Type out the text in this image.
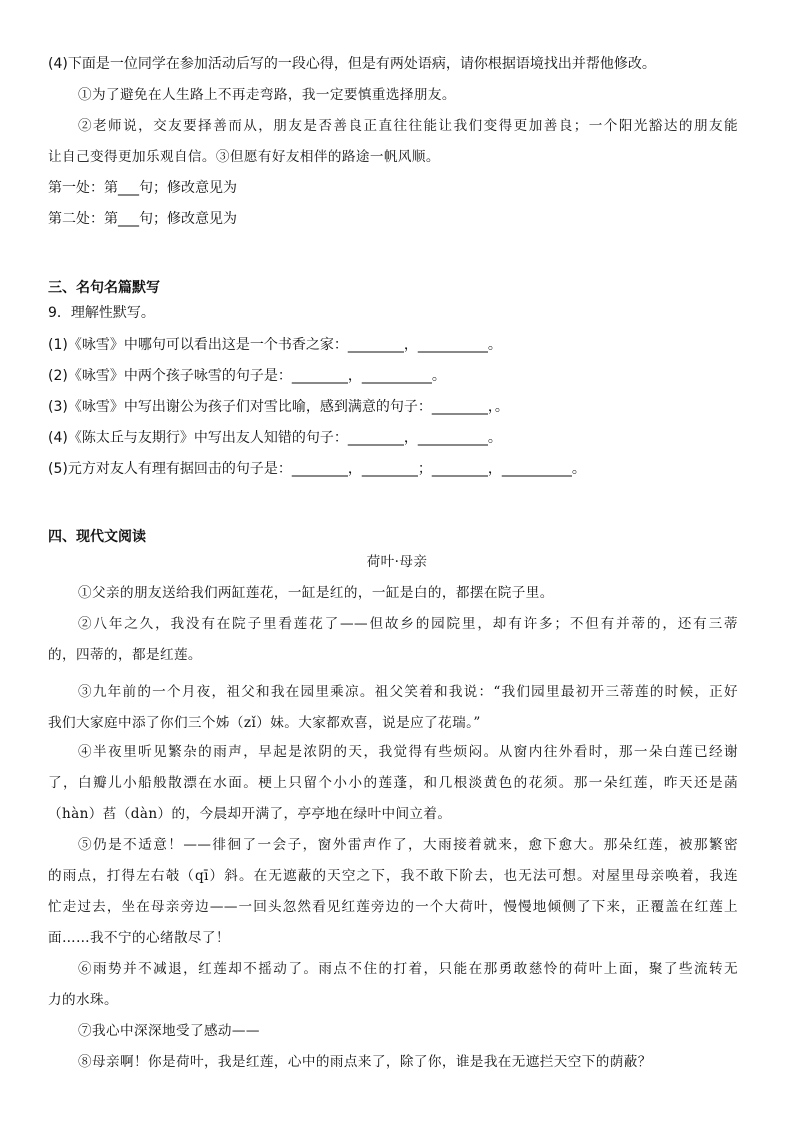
(4)下面是一位同学在参加活动后写的一段心得，但是有两处语病，请你根据语境找出并帮他修改。
①为了避免在人生路上不再走弯路，我一定要慎重选择朋友。
②老师说，交友要择善而从，朋友是否善良正直往往能让我们变得更加善良；一个阳光豁达的朋友能
让自己变得更加乐观自信。③但愿有好友相伴的路途一帆风顺。
第一处：第___句；修改意见为
第二处：第___句；修改意见为
三、名句名篇默写
9．理解性默写。
(1)《咏雪》中哪句可以看出这是一个书香之家：________，__________。
(2)《咏雪》中两个孩子咏雪的句子是：________，__________。
(3)《咏雪》中写出谢公为孩子们对雪比喻，感到满意的句子：________，。
(4)《陈太丘与友期行》中写出友人知错的句子：________，__________。
(5)元方对友人有理有据回击的句子是：________，________；________，__________。
四、现代文阅读
荷叶·母亲
①父亲的朋友送给我们两缸莲花，一缸是红的，一缸是白的，都摆在院子里。
②八年之久，我没有在院子里看莲花了——但故乡的园院里，却有许多；不但有并蒂的，还有三蒂
的，四蒂的，都是红莲。
③九年前的一个月夜，祖父和我在园里乘凉。祖父笑着和我说：“我们园里最初开三蒂莲的时候，正好
我们大家庭中添了你们三个姊（zǐ）妹。大家都欢喜，说是应了花瑞。”
④半夜里听见繁杂的雨声，早起是浓阴的天，我觉得有些烦闷。从窗内往外看时，那一朵白莲已经谢
了，白瓣儿小船般散漂在水面。梗上只留个小小的莲蓬，和几根淡黄色的花须。那一朵红莲，昨天还是菡
（hàn）萏（dàn）的，今晨却开满了，亭亭地在绿叶中间立着。
⑤仍是不适意！——徘徊了一会子，窗外雷声作了，大雨接着就来，愈下愈大。那朵红莲，被那繁密
的雨点，打得左右攲（qī）斜。在无遮蔽的天空之下，我不敢下阶去，也无法可想。对屋里母亲唤着，我连
忙走过去，坐在母亲旁边——一回头忽然看见红莲旁边的一个大荷叶，慢慢地倾侧了下来，正覆盖在红莲上
面……我不宁的心绪散尽了！
⑥雨势并不减退，红莲却不摇动了。雨点不住的打着，只能在那勇敢慈怜的荷叶上面，聚了些流转无
力的水珠。
⑦我心中深深地受了感动——
⑧母亲啊！你是荷叶，我是红莲，心中的雨点来了，除了你，谁是我在无遮拦天空下的荫蔽？
